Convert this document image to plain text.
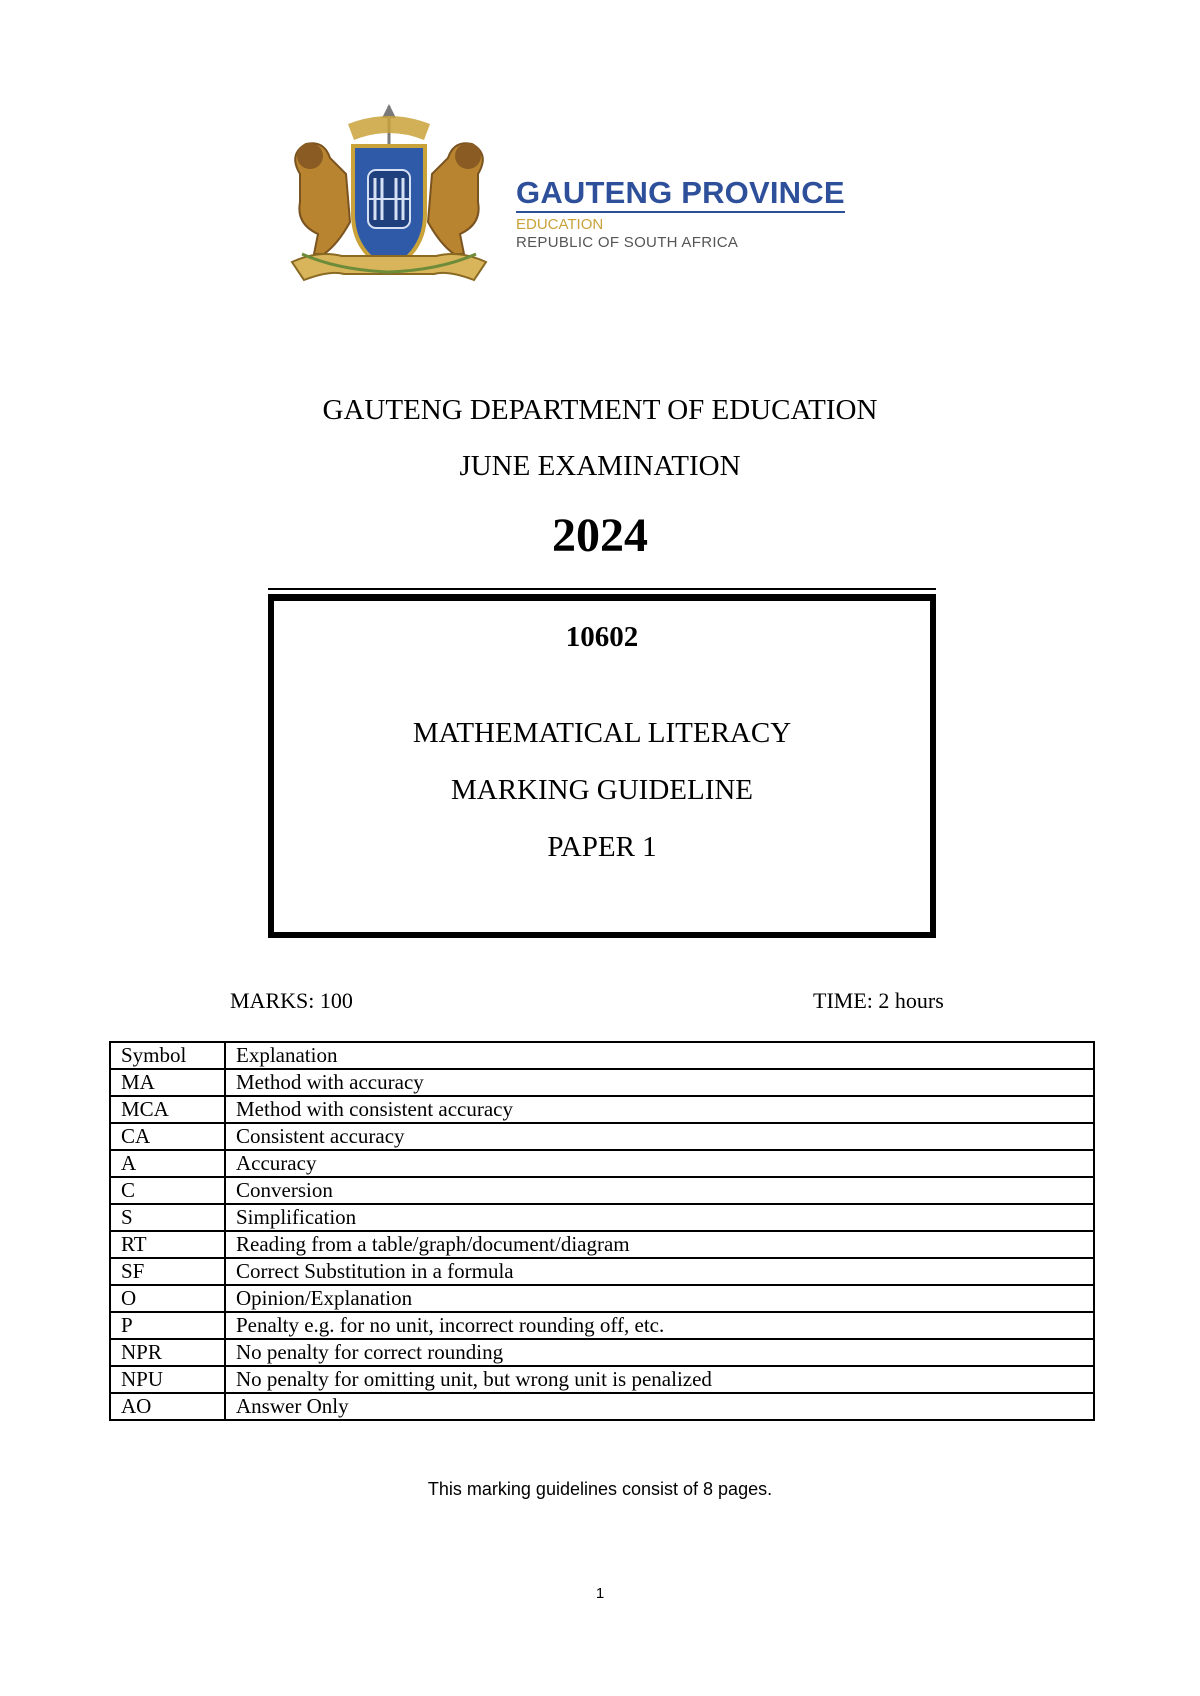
GAUTENG PROVINCE
EDUCATION
REPUBLIC OF SOUTH AFRICA
GAUTENG DEPARTMENT OF EDUCATION
JUNE EXAMINATION
2024
10602
MATHEMATICAL LITERACY
MARKING GUIDELINE
PAPER 1
MARKS: 100	TIME: 2 hours
Symbol	Explanation
MA	Method with accuracy
MCA	Method with consistent accuracy
CA	Consistent accuracy
A	Accuracy
C	Conversion
S	Simplification
RT	Reading from a table/graph/document/diagram
SF	Correct Substitution in a formula
O	Opinion/Explanation
P	Penalty e.g. for no unit, incorrect rounding off, etc.
NPR	No penalty for correct rounding
NPU	No penalty for omitting unit, but wrong unit is penalized
AO	Answer Only
This marking guidelines consist of 8 pages.
1
